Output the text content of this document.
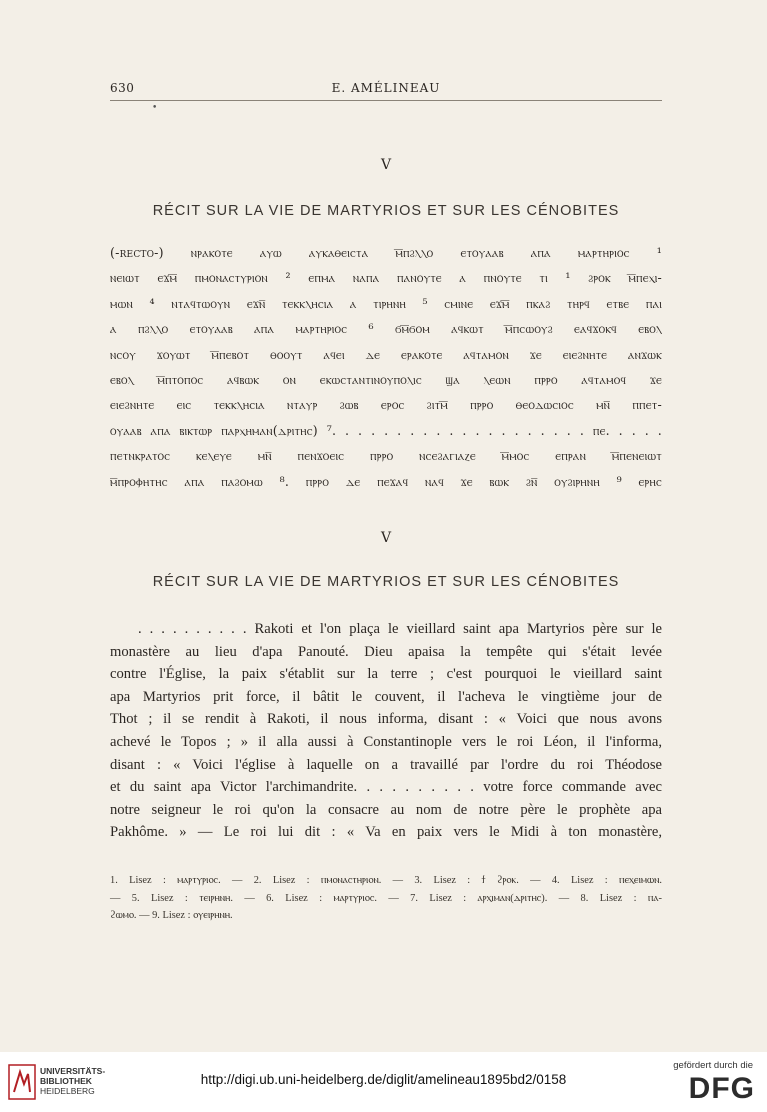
630	E. AMÉLINEAU
•
V
RÉCIT SUR LA VIE DE MARTYRIOS ET SUR LES CÉNOBITES
(-recto-) ⲛⲣⲁⲕⲟⲧⲉ ⲁⲩⲱ ⲁⲩⲕⲁⲑⲉⲓⲥⲧⲁ ⲙ̅ⲡϩⲗⲗⲟ ⲉⲧⲟⲩⲁⲁⲃ ⲁⲡⲁ ⲙⲁⲣⲧⲏⲣⲓⲟⲥ ¹
ⲛⲉⲓⲱⲧ ⲉϫⲙ̅ ⲡⲙⲟⲛⲁⲥⲧⲩⲣⲓⲟⲛ ² ⲉⲡⲙⲁ ⲛⲁⲡⲁ ⲡⲁⲛⲟⲩⲧⲉ ⲁ ⲡⲛⲟⲩⲧⲉ ⲧⲓ ¹ ϩⲣⲟⲕ ⲙ̅ⲡⲉⲭⲓ-
ⲙⲱⲛ ⁴ ⲛⲧⲁϥⲧⲱⲟⲩⲛ ⲉϫⲛ̅ ⲧⲉⲕⲕⲗⲏⲥⲓⲁ ⲁ ⲧⲓⲣⲏⲛⲏ ⁵ ⲥⲙⲓⲛⲉ ⲉϫⲙ̅ ⲡⲕⲁϩ ⲧⲏⲣϥ ⲉⲧⲃⲉ ⲡⲁⲓ
ⲁ ⲡϩⲗⲗⲟ ⲉⲧⲟⲩⲁⲁⲃ ⲁⲡⲁ ⲙⲁⲣⲧⲏⲣⲓⲟⲥ ⁶ ϭⲙ̅ϭⲟⲙ ⲁϥⲕⲱⲧ ⲙ̅ⲡⲥⲱⲟⲩϩ ⲉⲁϥϫⲟⲕϥ ⲉⲃⲟⲗ
ⲛⲥⲟⲩ ϫⲟⲩⲱⲧ ⲙ̅ⲡⲉⲃⲟⲧ ⲑⲟⲟⲩⲧ ⲁϥⲉⲓ ⲇⲉ ⲉⲣⲁⲕⲟⲧⲉ ⲁϥⲧⲁⲙⲟⲛ ϫⲉ ⲉⲓⲉϩⲛⲏⲧⲉ ⲁⲛϫⲱⲕ
ⲉⲃⲟⲗ ⲙ̅ⲡⲧⲟⲡⲟⲥ ⲁϥⲃⲱⲕ ⲟⲛ ⲉⲕⲱⲥⲧⲁⲛⲧⲓⲛⲟⲩⲡⲟⲗⲓⲥ ϣⲁ ⲗⲉⲱⲛ ⲡⲣⲣⲟ ⲁϥⲧⲁⲙⲟϥ ϫⲉ
ⲉⲓⲉϩⲛⲏⲧⲉ ⲉⲓⲥ ⲧⲉⲕⲕⲗⲏⲥⲓⲁ ⲛⲧⲁⲩⲣ ϩⲱⲃ ⲉⲣⲟⲥ ϩⲓⲧⲙ̅ ⲡⲣⲣⲟ ⲑⲉⲟⲇⲱⲥⲓⲟⲥ ⲙⲛ̅ ⲡⲡⲉⲧ-
ⲟⲩⲁⲁⲃ ⲁⲡⲁ ⲃⲓⲕⲧⲱⲣ ⲡⲁⲣⲭⲏⲙⲁⲛ(ⲇⲣⲓⲧⲏⲥ) ⁷. . . . . . . . . . . . . . . . . . . . ⲡⲉ. . . . .
ⲡⲉⲧⲛⲕⲣⲁⲧⲟⲥ ⲕⲉⲗⲉⲩⲉ ⲙⲛ̅ ⲡⲉⲛϫⲟⲉⲓⲥ ⲡⲣⲣⲟ ⲛⲥⲉϩⲁⲅⲓⲁⲍⲉ ⲙ̅ⲙⲟⲥ ⲉⲡⲣⲁⲛ ⲙ̅ⲡⲉⲛⲉⲓⲱⲧ
ⲙ̅ⲡⲣⲟⲫⲏⲧⲏⲥ ⲁⲡⲁ ⲡⲁϩⲟⲙⲱ ⁸. ⲡⲣⲣⲟ ⲇⲉ ⲡⲉϫⲁϥ ⲛⲁϥ ϫⲉ ⲃⲱⲕ ϩⲛ̅ ⲟⲩϩⲓⲣⲏⲛⲏ ⁹ ⲉⲣⲏⲥ
V
RÉCIT SUR LA VIE DE MARTYRIOS ET SUR LES CÉNOBITES
. . . . . . . . . . Rakoti et l'on plaça le vieillard saint apa Martyrios père sur le
monastère au lieu d'apa Panouté. Dieu apaisa la tempête qui s'était levée
contre l'Église, la paix s'établit sur la terre ; c'est pourquoi le vieillard saint
apa Martyrios prit force, il bâtit le couvent, il l'acheva le vingtième jour de
Thot ; il se rendit à Rakoti, il nous informa, disant : « Voici que nous avons
achevé le Topos ; » il alla aussi à Constantinople vers le roi Léon, il l'informa,
disant : « Voici l'église à laquelle on a travaillé par l'ordre du roi Théodose
et du saint apa Victor l'archimandrite. . . . . . . . . . votre force commande avec
notre seigneur le roi qu'on la consacre au nom de notre père le prophète apa
Pakhôme. » — Le roi lui dit : « Va en paix vers le Midi à ton monastère,
1. Lisez : ⲙⲁⲣⲧⲩⲣⲓⲟⲥ. — 2. Lisez : ⲡⲙⲟⲛⲁⲥⲧⲏⲣⲓⲟⲛ. — 3. Lisez : ϯ ϩⲣⲟⲕ. — 4. Lisez : ⲡⲉⲭⲉⲓⲙⲱⲛ.
— 5. Lisez : ⲧⲉⲓⲣⲏⲛⲏ. — 6. Lisez : ⲙⲁⲣⲧⲩⲣⲓⲟⲥ. — 7. Lisez : ⲁⲣⲭⲓⲙⲁⲛ(ⲇⲣⲓⲧⲏⲥ). — 8. Lisez : ⲡⲁ-
ϩⲱⲙⲟ. — 9. Lisez : ⲟⲩⲉⲓⲣⲏⲛⲏ.
UNIVERSITÄTS-
BIBLIOTHEK
HEIDELBERG
http://digi.ub.uni-heidelberg.de/diglit/amelineau1895bd2/0158
gefördert durch die
DFG
